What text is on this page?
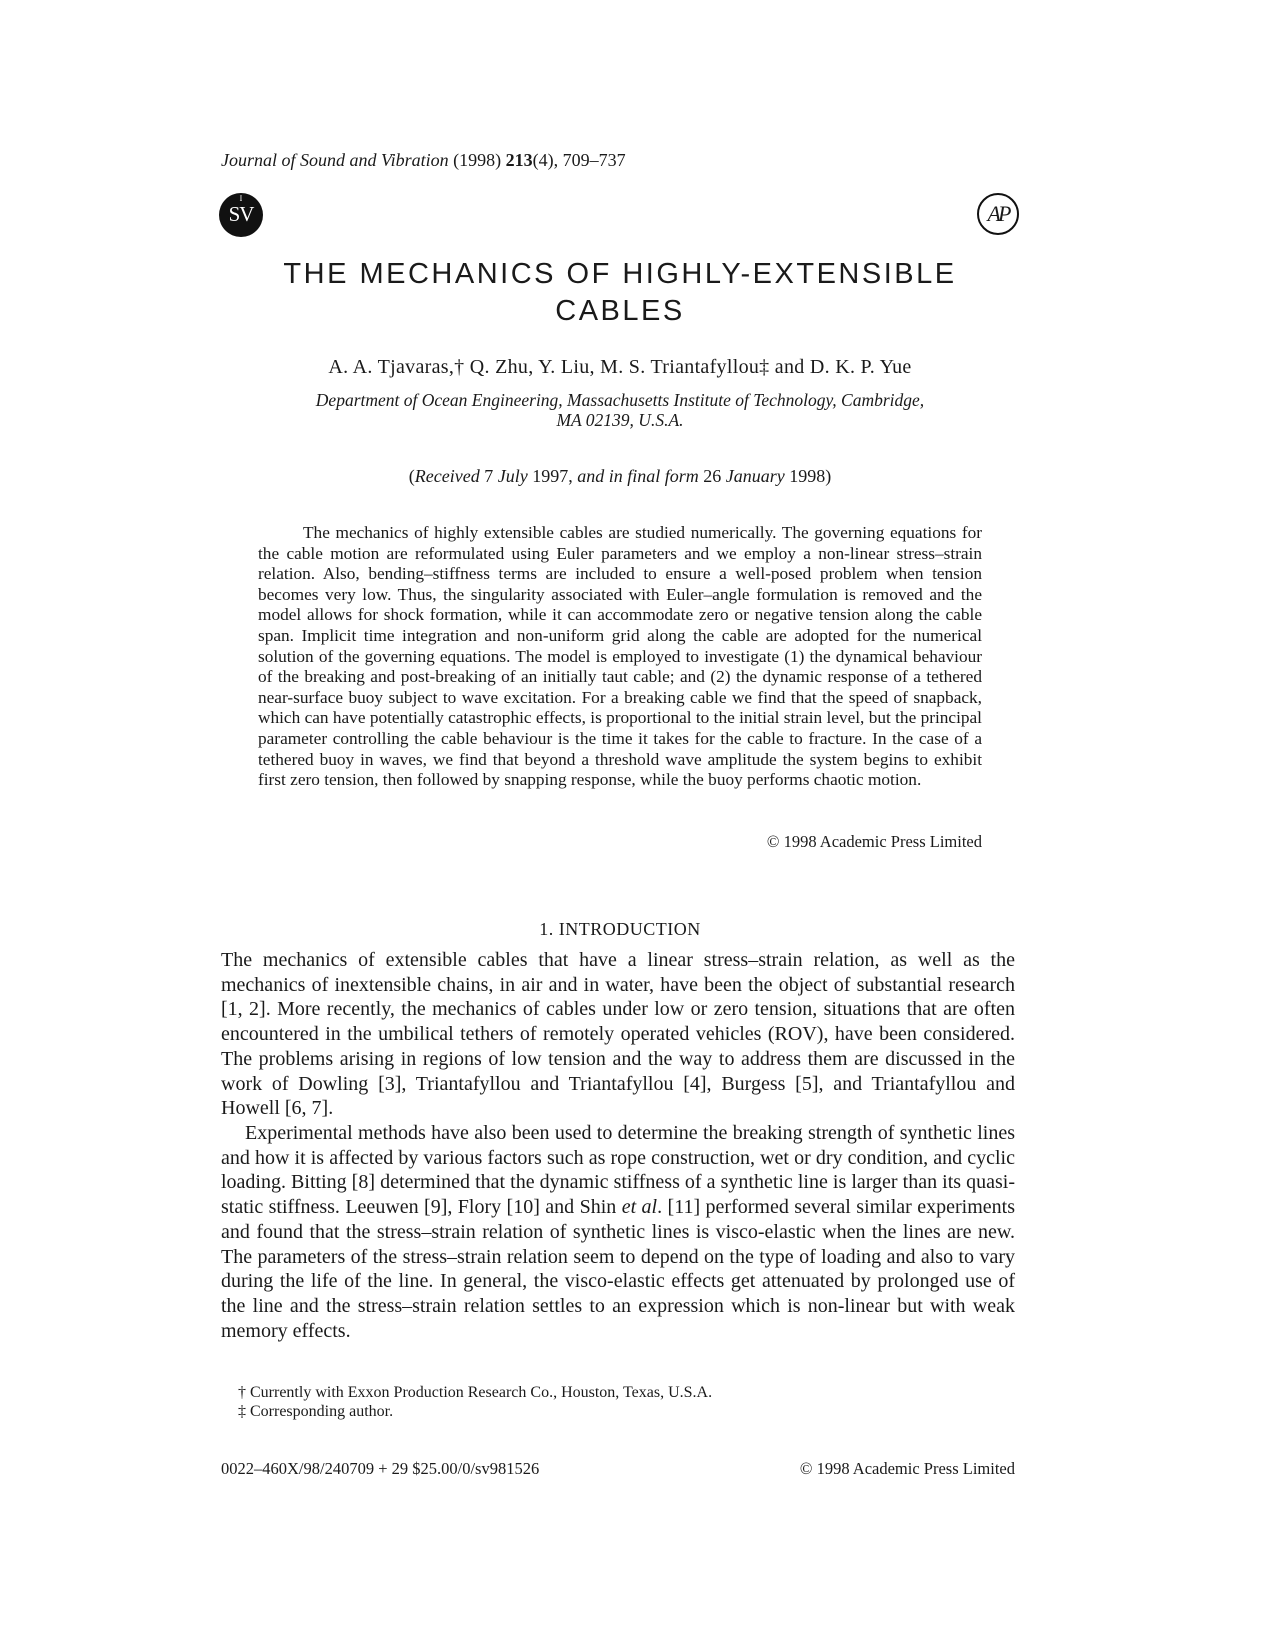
Journal of Sound and Vibration (1998) 213(4), 709–737
I
SV	AP
THE MECHANICS OF HIGHLY-EXTENSIBLE CABLES
A. A. Tjavaras,† Q. Zhu, Y. Liu, M. S. Triantafyllou‡ and D. K. P. Yue
Department of Ocean Engineering, Massachusetts Institute of Technology, Cambridge,
MA 02139, U.S.A.
(Received 7 July 1997, and in final form 26 January 1998)

The mechanics of highly extensible cables are studied numerically. The governing equations for the cable motion are reformulated using Euler parameters and we employ a non-linear stress–strain relation. Also, bending–stiffness terms are included to ensure a well-posed problem when tension becomes very low. Thus, the singularity associated with Euler–angle formulation is removed and the model allows for shock formation, while it can accommodate zero or negative tension along the cable span. Implicit time integration and non-uniform grid along the cable are adopted for the numerical solution of the governing equations. The model is employed to investigate (1) the dynamical behaviour of the breaking and post-breaking of an initially taut cable; and (2) the dynamic response of a tethered near-surface buoy subject to wave excitation. For a breaking cable we find that the speed of snapback, which can have potentially catastrophic effects, is proportional to the initial strain level, but the principal parameter controlling the cable behaviour is the time it takes for the cable to fracture. In the case of a tethered buoy in waves, we find that beyond a threshold wave amplitude the system begins to exhibit first zero tension, then followed by snapping response, while the buoy performs chaotic motion.

© 1998 Academic Press Limited
1. INTRODUCTION

The mechanics of extensible cables that have a linear stress–strain relation, as well as the mechanics of inextensible chains, in air and in water, have been the object of substantial research [1, 2]. More recently, the mechanics of cables under low or zero tension, situations that are often encountered in the umbilical tethers of remotely operated vehicles (ROV), have been considered. The problems arising in regions of low tension and the way to address them are discussed in the work of Dowling [3], Triantafyllou and Triantafyllou [4], Burgess [5], and Triantafyllou and Howell [6, 7].

Experimental methods have also been used to determine the breaking strength of synthetic lines and how it is affected by various factors such as rope construction, wet or dry condition, and cyclic loading. Bitting [8] determined that the dynamic stiffness of a synthetic line is larger than its quasi-static stiffness. Leeuwen [9], Flory [10] and Shin et al. [11] performed several similar experiments and found that the stress–strain relation of synthetic lines is visco-elastic when the lines are new. The parameters of the stress–strain relation seem to depend on the type of loading and also to vary during the life of the line. In general, the visco-elastic effects get attenuated by prolonged use of the line and the stress–strain relation settles to an expression which is non-linear but with weak memory effects.

† Currently with Exxon Production Research Co., Houston, Texas, U.S.A.
‡ Corresponding author.
0022–460X/98/240709 + 29 $25.00/0/sv981526	© 1998 Academic Press Limited
